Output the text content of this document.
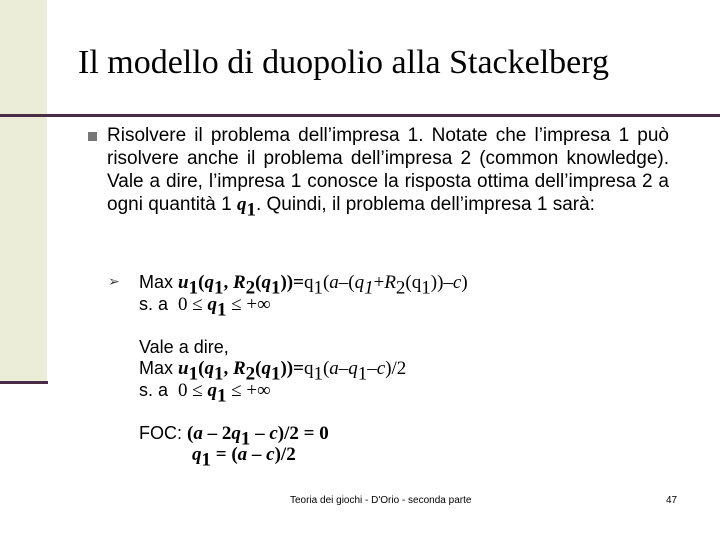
Il modello di duopolio alla Stackelberg
Risolvere il problema dell’impresa 1. Notate che l’impresa 1 può risolvere anche il problema dell’impresa 2 (common knowledge). Vale a dire, l’impresa 1 conosce la risposta ottima dell’impresa 2 a ogni quantità 1 $q_1$. Quindi, il problema dell’impresa 1 sarà:
➢ Max $u_1(q_1$, $R_2(q_1))=q_1(a-(q_1+R_2(q_1))-c)$
s. a $0 \le q_1$ ≤ +∞
Vale a dire,
Max $u_1(q_1$, $R_2(q_1))=q_1(a-q_1-c)/2$
s. a $0 \le q_1$ ≤ +∞
FOC: $(a - 2q_1 - c)/2 = 0$
$q_1 = (a - c)/2$
Teoria dei giochi - D'Orio - seconda parte	47
